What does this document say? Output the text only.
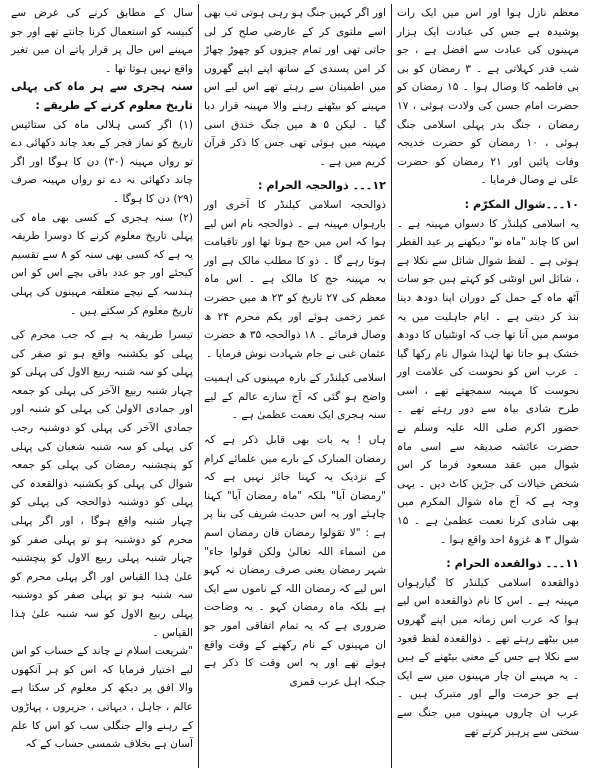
معظم نازل ہوا اور اس میں ایک رات پوشیدہ ہے جس کی عبادت ایک ہزار مہینوں کی عبادت سے افضل ہے ، جو شب قدر کہلاتی ہے ۔ ۳ رمضان کو بی بی فاطمہ کا وصال ہوا ۔ ۱۵ رمضان کو حضرت امام حسن کی ولادت ہوئی ، ۱۷ رمضان ، جنگ بدر پہلی اسلامی جنگ ہوئی ، ۱۰ رمضان کو حضرت خدیجہ وفات پائیں اور ۲۱ رمضان کو حضرت علی نے وصال فرمایا ۔

۱۰۔۔۔شوال المکرّم :

یہ اسلامی کیلنڈر کا دسواں مہینہ ہے ۔ اس کا چاند "ماہ نو" دیکھنے پر عید الفطر ہوتی ہے ۔ لفظ شوال شائل سے نکلا ہے ، شائل اس اونٹنی کو کہتے ہیں جو سات آٹھ ماہ کے حمل کے دوران اپنا دودھ دینا بند کر دیتی ہے ۔ ایام جاہلیت میں یہ موسم میں آتا تھا جب کہ اونٹنیاں کا دودھ خشک ہو جاتا تھا لہٰذا شوال نام رکھا گیا ۔ عرب اس کو نحوست کی علامت اور نحوست کا مہینہ سمجھتے تھے ، اسی طرح شادی بیاہ سے دور رہتے تھے ۔ حضور اکرم صلی اللہ علیہ وسلم نے حضرت عائشہ صدیقہ سے اسی ماہ شوال میں عقد مسعود فرما کر اس شخص خیالات کی جڑیں کاٹ دیں ۔ یہی وجہ ہے کہ آج ماہ شوال المکرم میں بھی شادی کرنا نعمت عظمیٰ ہے ۔ ۱۵ شوال ۳ ھ غزوۂ احد واقع ہوا ۔

۱۱۔۔۔ ذوالقعدہ الحرام :

ذوالقعدہ اسلامی کیلنڈر کا گیارہواں مہینہ ہے ۔ اس کا نام ذوالقعدہ اس لیے ہوا کہ عرب اس زمانہ میں اپنے گھروں میں بیٹھے رہتے تھے ۔ ذوالقعدہ لفظ قعود سے نکلا ہے جس کے معنی بیٹھنے کے ہیں ۔ یہ مہینے ان چار مہینوں میں سے ایک ہے جو حرمت والے اور متبرک ہیں ۔ عرب ان چاروں مہینوں میں جنگ سے سختی سے پرہیز کرتے تھے

اور اگر کہیں جنگ ہو رہی ہوتی تب بھی اسے ملتوی کر کے عارضی صلح کر لی جاتی تھی اور تمام چیزوں کو چھوڑ چھاڑ کر امن پسندی کے ساتھ اپنے اپنے گھروں میں اطمینان سے رہتے تھے اس لیے اس مہینے کو بیٹھنے رہنے والا مہینہ قرار دیا گیا ۔ لیکن ۵ ھ میں جنگ خندق اسی مہینہ میں ہوئی تھی جس کا ذکر قرآن کریم میں ہے ۔

۱۲۔۔۔ ذوالحجہ الحرام :

ذوالحجہ اسلامی کیلنڈر کا آخری اور بارہواں مہینہ ہے ۔ ذوالحجہ نام اس لیے ہوا کہ اس میں حج ہوتا تھا اور تاقیامت ہوتا رہے گا ۔ ذو کا مطلب مالک ہے اور یہ مہینہ حج کا مالک ہے ۔ اس ماہ معظم کی ۲۷ تاریخ کو ۲۳ ھ میں حضرت عمر زخمی ہوئے اور یکم محرم ۲۴ ھ وصال فرمائے ۔ ۱۸ ذوالحجہ ۳۵ ھ حضرت عثمان غنی نے جام شہادت نوش فرمایا ۔

اسلامی کیلنڈر کے بارہ مہینوں کی اہمیت واضح ہو گئی کہ آج سارے عالم کے لیے سنہ ہجری ایک نعمت عظمیٰ ہے ۔

ہاں ! یہ بات بھی قابل ذکر ہے کہ رمضان المبارک کے بارے میں علمائے کرام کے نزدیک یہ کہنا جائز نہیں ہے کہ "رمضان آیا" بلکہ "ماہ رمضان آیا" کہنا چاہئے اور یہ اس حدیث شریف کی بنا پر ہے : "لا تقولوا رمضان فان رمضان اسم من اسماء اللہ تعالیٰ ولکن قولوا جاء" شہر رمضان یعنی صرف رمضان نہ کہو اس لیے کہ رمضان اللہ کے ناموں سے ایک ہے بلکہ ماہ رمضان کہو ۔ یہ وضاحت ضروری ہے کہ یہ تمام اتفاقی امور جو ان مہینوں کے نام رکھنے کے وقت واقع ہوئے تھے اور یہ اس وقت کا ذکر ہے جبکہ اہل عرب قمری

سال کے مطابق کرنے کی غرض سے کبیسہ کو استعمال کرنا جانتے تھے اور جو مہینے اس حال پر قرار پاتے ان میں تغیر واقع نہیں ہوتا تھا ۔

سنہ ہجری سے ہر ماہ کی پہلی تاریخ معلوم کرنے کے طریقے :

(۱) اگر کسی ہلالی ماہ کی ستائیس تاریخ کو نماز فجر کے بعد چاند دکھائی دے تو رواں مہینہ (۳۰) دن کا ہوگا اور اگر چاند دکھائی نہ دے تو رواں مہینہ صرف (۲۹) دن کا ہوگا ۔

(۲) سنہ ہجری کے کسی بھی ماہ کی پہلی تاریخ معلوم کرنے کا دوسرا طریقہ یہ ہے کہ کسی بھی سنہ کو ۸ سے تقسیم کیجئے اور جو عدد باقی بچے اس کو اس ہندسہ کے نیچے متعلقہ مہینوں کی پہلی تاریخ معلوم کر سکتے ہیں ۔

تیسرا طریقہ یہ ہے کہ جب محرم کی پہلی کو یکشنبہ واقع ہو تو صفر کی پہلی کو سہ شنبہ ربیع الاول کی پہلی کو چہار شنبہ ربیع الآخر کی پہلی کو جمعہ اور جمادی الاولیٰ کی پہلی کو شنبہ اور جمادی الآخر کی پہلی کو دوشنبہ رجب کی پہلی کو سہ شنبہ شعبان کی پہلی کو پنچشنبہ رمضان کی پہلی کو جمعہ شوال کی پہلی کو یکشنبہ ذوالقعدہ کی پہلی کو دوشنبہ ذوالحجہ کی پہلی کو چہار شنبہ واقع ہوگا ، اور اگر پہلی محرم کو دوشنبہ ہو تو پہلی صفر کو چہار شنبہ پہلی ربیع الاول کو پنچشنبہ علیٰ ہٰذا القیاس اور اگر پہلی محرم کو سہ شنبہ ہو تو پہلی صفر کو دوشنبہ پہلی ربیع الاول کو سہ شنبہ علیٰ ہٰذا القیاس ۔

"شریعت اسلام نے چاند کے حساب کو اس لیے اختیار فرمایا کہ اس کو ہر آنکھوں والا افق پر دیکھ کر معلوم کر سکتا ہے عالم ، جاہل ، دیہاتی ، جزیروں ، پہاڑوں کے رہنے والے جنگلی سب کو اس کا علم آسان ہے بخلاف شمسی حساب کے کہ
